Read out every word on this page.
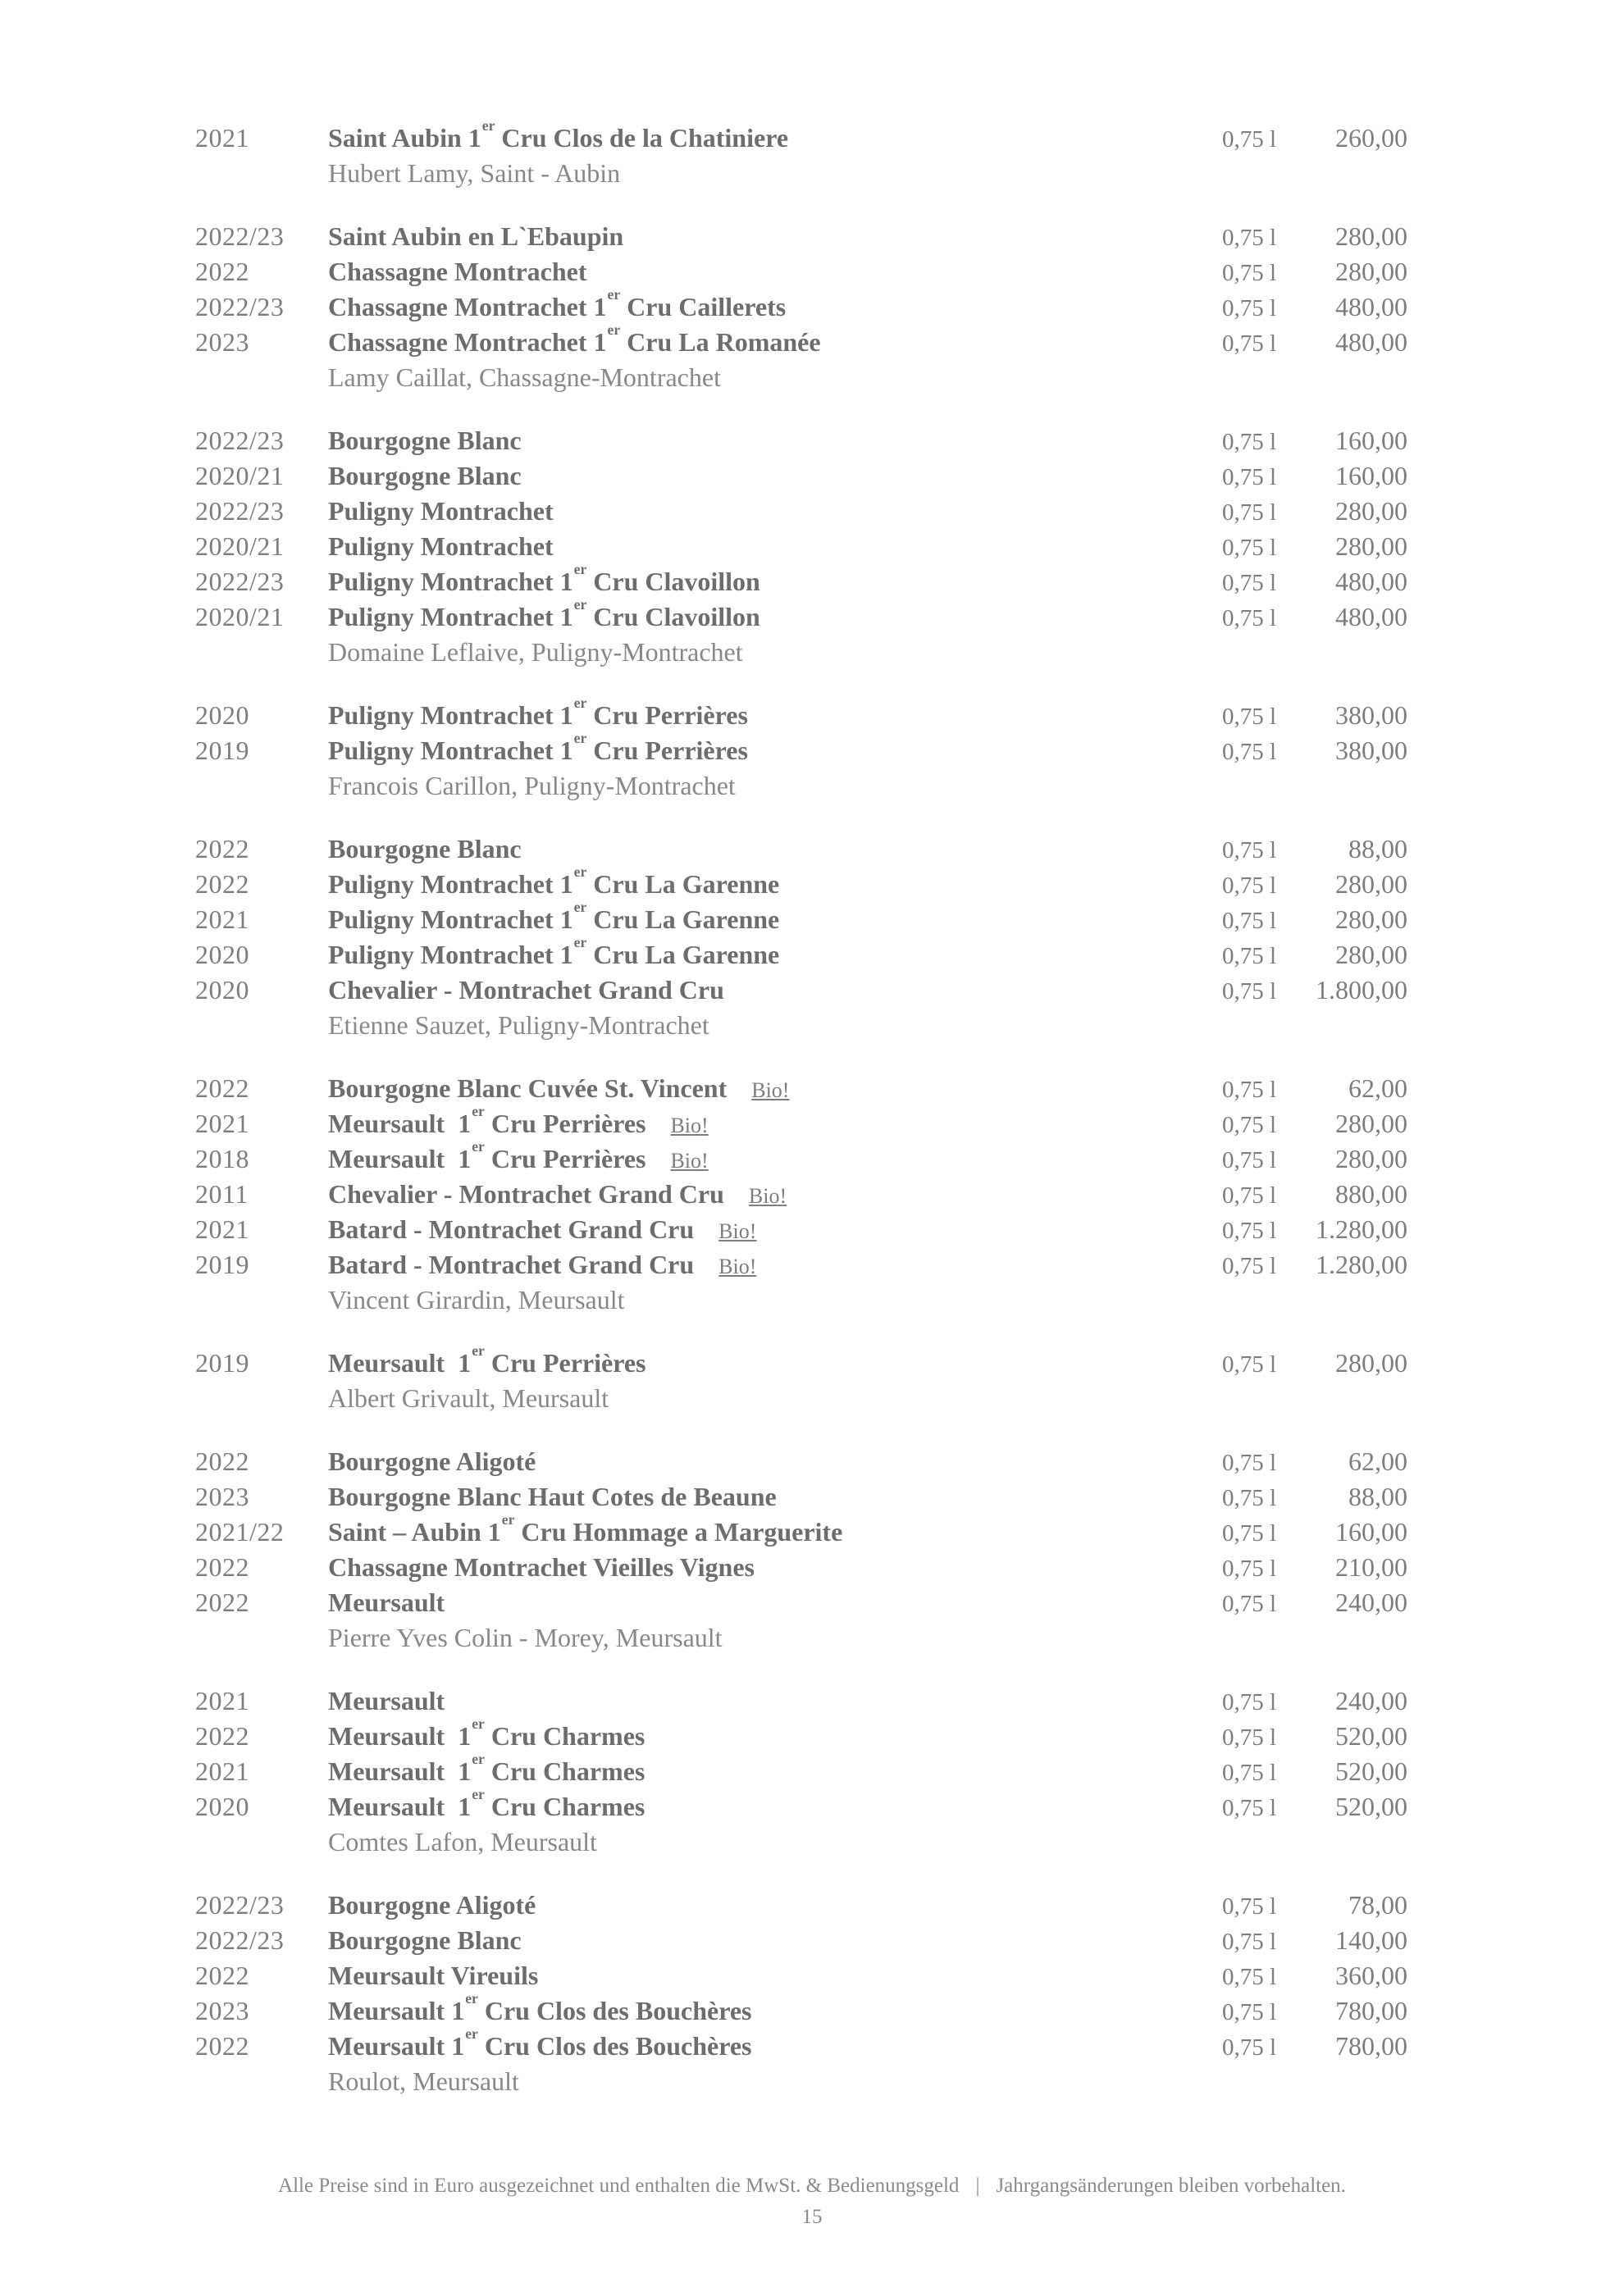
2021	Saint Aubin 1er Cru Clos de la Chatiniere	0,75 l	260,00
Hubert Lamy, Saint - Aubin
2022/23	Saint Aubin en L`Ebaupin	0,75 l	280,00
2022	Chassagne Montrachet	0,75 l	280,00
2022/23	Chassagne Montrachet 1er Cru Caillerets	0,75 l	480,00
2023	Chassagne Montrachet 1er Cru La Romanée	0,75 l	480,00
Lamy Caillat, Chassagne-Montrachet
2022/23	Bourgogne Blanc	0,75 l	160,00
2020/21	Bourgogne Blanc	0,75 l	160,00
2022/23	Puligny Montrachet	0,75 l	280,00
2020/21	Puligny Montrachet	0,75 l	280,00
2022/23	Puligny Montrachet 1er Cru Clavoillon	0,75 l	480,00
2020/21	Puligny Montrachet 1er Cru Clavoillon	0,75 l	480,00
Domaine Leflaive, Puligny-Montrachet
2020	Puligny Montrachet 1er Cru Perrières	0,75 l	380,00
2019	Puligny Montrachet 1er Cru Perrières	0,75 l	380,00
Francois Carillon, Puligny-Montrachet
2022	Bourgogne Blanc	0,75 l	88,00
2022	Puligny Montrachet 1er Cru La Garenne	0,75 l	280,00
2021	Puligny Montrachet 1er Cru La Garenne	0,75 l	280,00
2020	Puligny Montrachet 1er Cru La Garenne	0,75 l	280,00
2020	Chevalier - Montrachet Grand Cru	0,75 l	1.800,00
Etienne Sauzet, Puligny-Montrachet
2022	Bourgogne Blanc Cuvée St. Vincent Bio!	0,75 l	62,00
2021	Meursault  1er Cru Perrières Bio!	0,75 l	280,00
2018	Meursault  1er Cru Perrières Bio!	0,75 l	280,00
2011	Chevalier - Montrachet Grand Cru Bio!	0,75 l	880,00
2021	Batard - Montrachet Grand Cru Bio!	0,75 l	1.280,00
2019	Batard - Montrachet Grand Cru Bio!	0,75 l	1.280,00
Vincent Girardin, Meursault
2019	Meursault  1er Cru Perrières	0,75 l	280,00
Albert Grivault, Meursault
2022	Bourgogne Aligoté	0,75 l	62,00
2023	Bourgogne Blanc Haut Cotes de Beaune	0,75 l	88,00
2021/22	Saint – Aubin 1er Cru Hommage a Marguerite	0,75 l	160,00
2022	Chassagne Montrachet Vieilles Vignes	0,75 l	210,00
2022	Meursault	0,75 l	240,00
Pierre Yves Colin - Morey, Meursault
2021	Meursault	0,75 l	240,00
2022	Meursault  1er Cru Charmes	0,75 l	520,00
2021	Meursault  1er Cru Charmes	0,75 l	520,00
2020	Meursault  1er Cru Charmes	0,75 l	520,00
Comtes Lafon, Meursault
2022/23	Bourgogne Aligoté	0,75 l	78,00
2022/23	Bourgogne Blanc	0,75 l	140,00
2022	Meursault Vireuils	0,75 l	360,00
2023	Meursault 1er Cru Clos des Bouchères	0,75 l	780,00
2022	Meursault 1er Cru Clos des Bouchères	0,75 l	780,00
Roulot, Meursault
Alle Preise sind in Euro ausgezeichnet und enthalten die MwSt. & Bedienungsgeld | Jahrgangsänderungen bleiben vorbehalten.
15
